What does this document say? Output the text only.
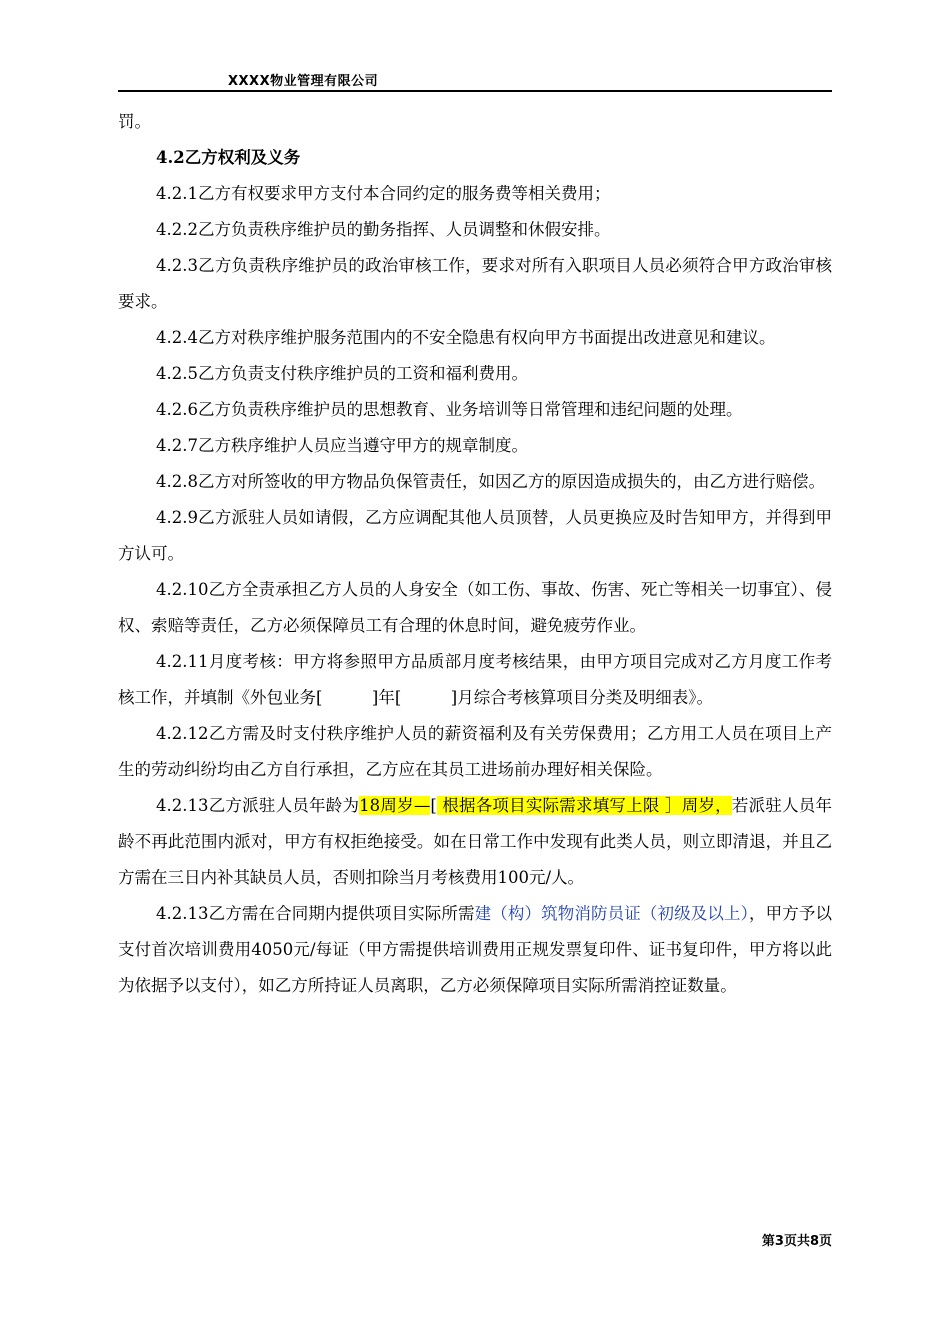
XXXX物业管理有限公司

罚。

4.2乙方权利及义务

4.2.1乙方有权要求甲方支付本合同约定的服务费等相关费用；

4.2.2乙方负责秩序维护员的勤务指挥、人员调整和休假安排。

4.2.3乙方负责秩序维护员的政治审核工作，要求对所有入职项目人员必须符合甲方政治审核要求。

4.2.4乙方对秩序维护服务范围内的不安全隐患有权向甲方书面提出改进意见和建议。

4.2.5乙方负责支付秩序维护员的工资和福利费用。

4.2.6乙方负责秩序维护员的思想教育、业务培训等日常管理和违纪问题的处理。

4.2.7乙方秩序维护人员应当遵守甲方的规章制度。

4.2.8乙方对所签收的甲方物品负保管责任，如因乙方的原因造成损失的，由乙方进行赔偿。

4.2.9乙方派驻人员如请假，乙方应调配其他人员顶替，人员更换应及时告知甲方，并得到甲方认可。

4.2.10乙方全责承担乙方人员的人身安全（如工伤、事故、伤害、死亡等相关一切事宜）、侵权、索赔等责任，乙方必须保障员工有合理的休息时间，避免疲劳作业。

4.2.11月度考核：甲方将参照甲方品质部月度考核结果，由甲方项目完成对乙方月度工作考核工作，并填制《外包业务[　　　]年[　　　]月综合考核算项目分类及明细表》。

4.2.12乙方需及时支付秩序维护人员的薪资福利及有关劳保费用；乙方用工人员在项目上产生的劳动纠纷均由乙方自行承担，乙方应在其员工进场前办理好相关保险。

4.2.13乙方派驻人员年龄为18周岁—[ 根据各项目实际需求填写上限 ］周岁，若派驻人员年龄不再此范围内派对，甲方有权拒绝接受。如在日常工作中发现有此类人员，则立即清退，并且乙方需在三日内补其缺员人员，否则扣除当月考核费用100元/人。

4.2.13乙方需在合同期内提供项目实际所需建（构）筑物消防员证（初级及以上），甲方予以支付首次培训费用4050元/每证（甲方需提供培训费用正规发票复印件、证书复印件，甲方将以此为依据予以支付），如乙方所持证人员离职，乙方必须保障项目实际所需消控证数量。

第3页共8页
